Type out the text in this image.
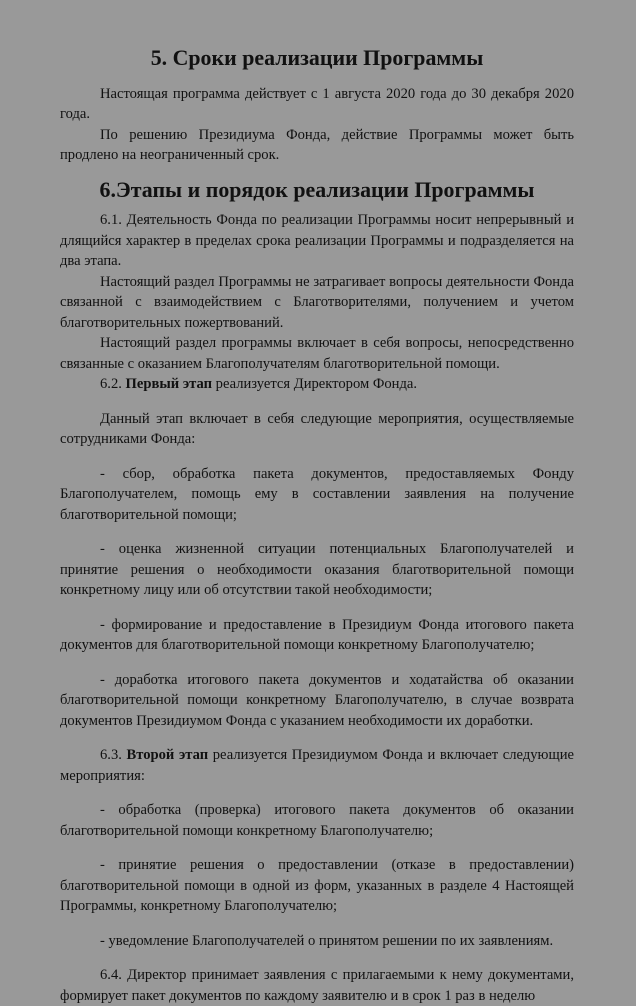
5. Сроки реализации Программы

Настоящая программа действует с 1 августа 2020 года до 30 декабря 2020 года.

По решению Президиума Фонда, действие Программы может быть продлено на неограниченный срок.

6.Этапы и порядок реализации Программы

6.1. Деятельность Фонда по реализации Программы носит непрерывный и длящийся характер в пределах срока реализации Программы и подразделяется на два этапа.

Настоящий раздел Программы не затрагивает вопросы деятельности Фонда связанной с взаимодействием с Благотворителями, получением и учетом благотворительных пожертвований.

Настоящий раздел программы включает в себя вопросы, непосредственно связанные с оказанием Благополучателям благотворительной помощи.

6.2. Первый этап реализуется Директором Фонда.

Данный этап включает в себя следующие мероприятия, осуществляемые сотрудниками Фонда:

- сбор, обработка пакета документов, предоставляемых Фонду Благополучателем, помощь ему в составлении заявления на получение благотворительной помощи;

- оценка жизненной ситуации потенциальных Благополучателей и принятие решения о необходимости оказания благотворительной помощи конкретному лицу или об отсутствии такой необходимости;

- формирование и предоставление в Президиум Фонда итогового пакета документов для благотворительной помощи конкретному Благополучателю;

- доработка итогового пакета документов и ходатайства об оказании благотворительной помощи конкретному Благополучателю, в случае возврата документов Президиумом Фонда с указанием необходимости их доработки.

6.3. Второй этап реализуется Президиумом Фонда и включает следующие мероприятия:

- обработка (проверка) итогового пакета документов об оказании благотворительной помощи конкретному Благополучателю;

- принятие решения о предоставлении (отказе в предоставлении) благотворительной помощи в одной из форм, указанных в разделе 4 Настоящей Программы, конкретному Благополучателю;

- уведомление Благополучателей о принятом решении по их заявлениям.

6.4. Директор принимает заявления с прилагаемыми к нему документами, формирует пакет документов по каждому заявителю и в срок 1 раз в неделю
